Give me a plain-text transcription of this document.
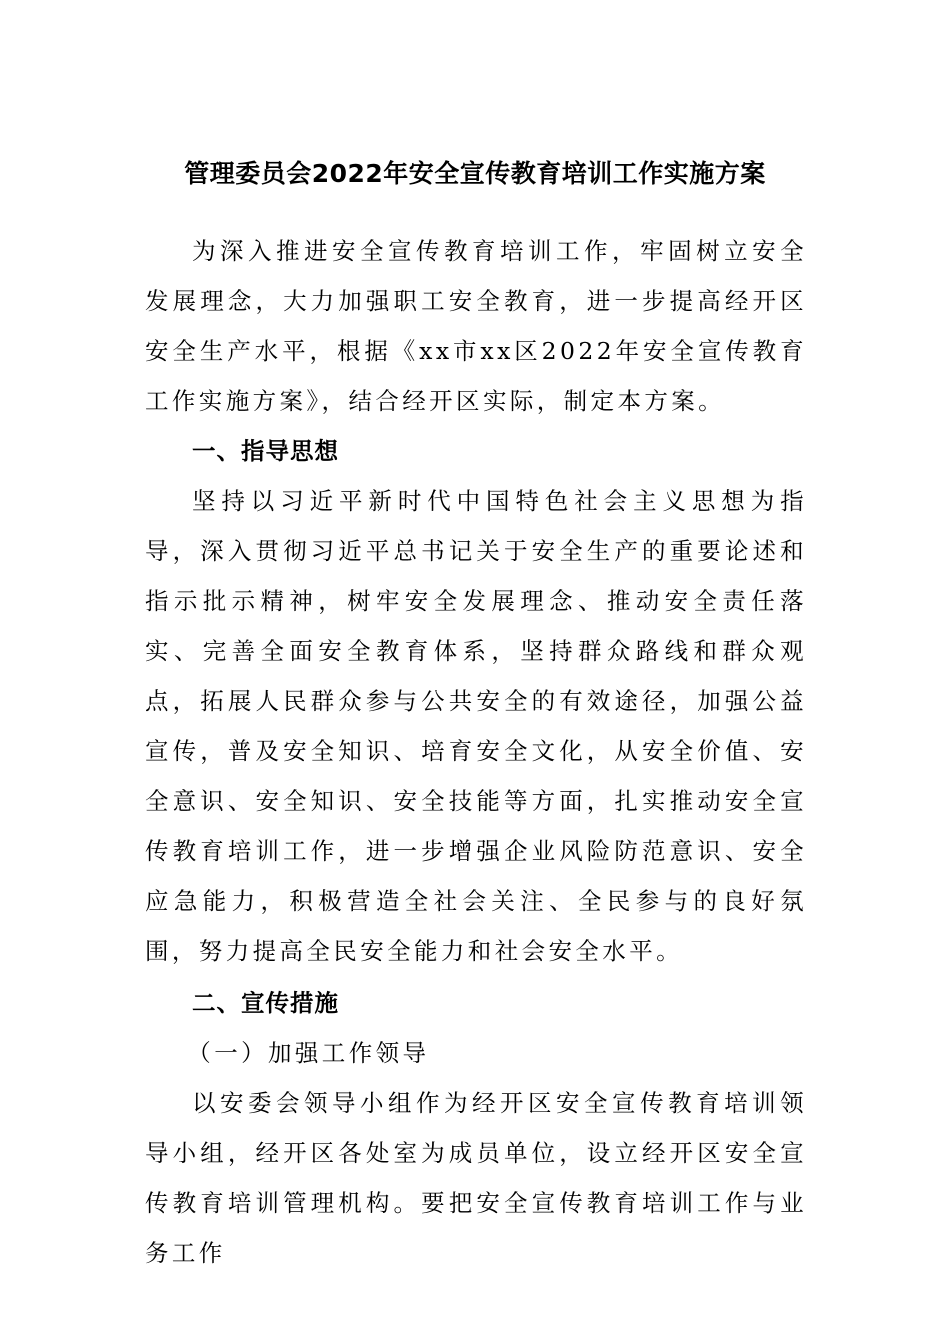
管理委员会2022年安全宣传教育培训工作实施方案

为深入推进安全宣传教育培训工作，牢固树立安全发展理念，大力加强职工安全教育，进一步提高经开区安全生产水平，根据《xx市xx区2022年安全宣传教育工作实施方案》，结合经开区实际，制定本方案。

一、指导思想

坚持以习近平新时代中国特色社会主义思想为指导，深入贯彻习近平总书记关于安全生产的重要论述和指示批示精神，树牢安全发展理念、推动安全责任落实、完善全面安全教育体系，坚持群众路线和群众观点，拓展人民群众参与公共安全的有效途径，加强公益宣传，普及安全知识、培育安全文化，从安全价值、安全意识、安全知识、安全技能等方面，扎实推动安全宣传教育培训工作，进一步增强企业风险防范意识、安全应急能力，积极营造全社会关注、全民参与的良好氛围，努力提高全民安全能力和社会安全水平。

二、宣传措施

（一）加强工作领导

以安委会领导小组作为经开区安全宣传教育培训领导小组，经开区各处室为成员单位，设立经开区安全宣传教育培训管理机构。要把安全宣传教育培训工作与业务工作
